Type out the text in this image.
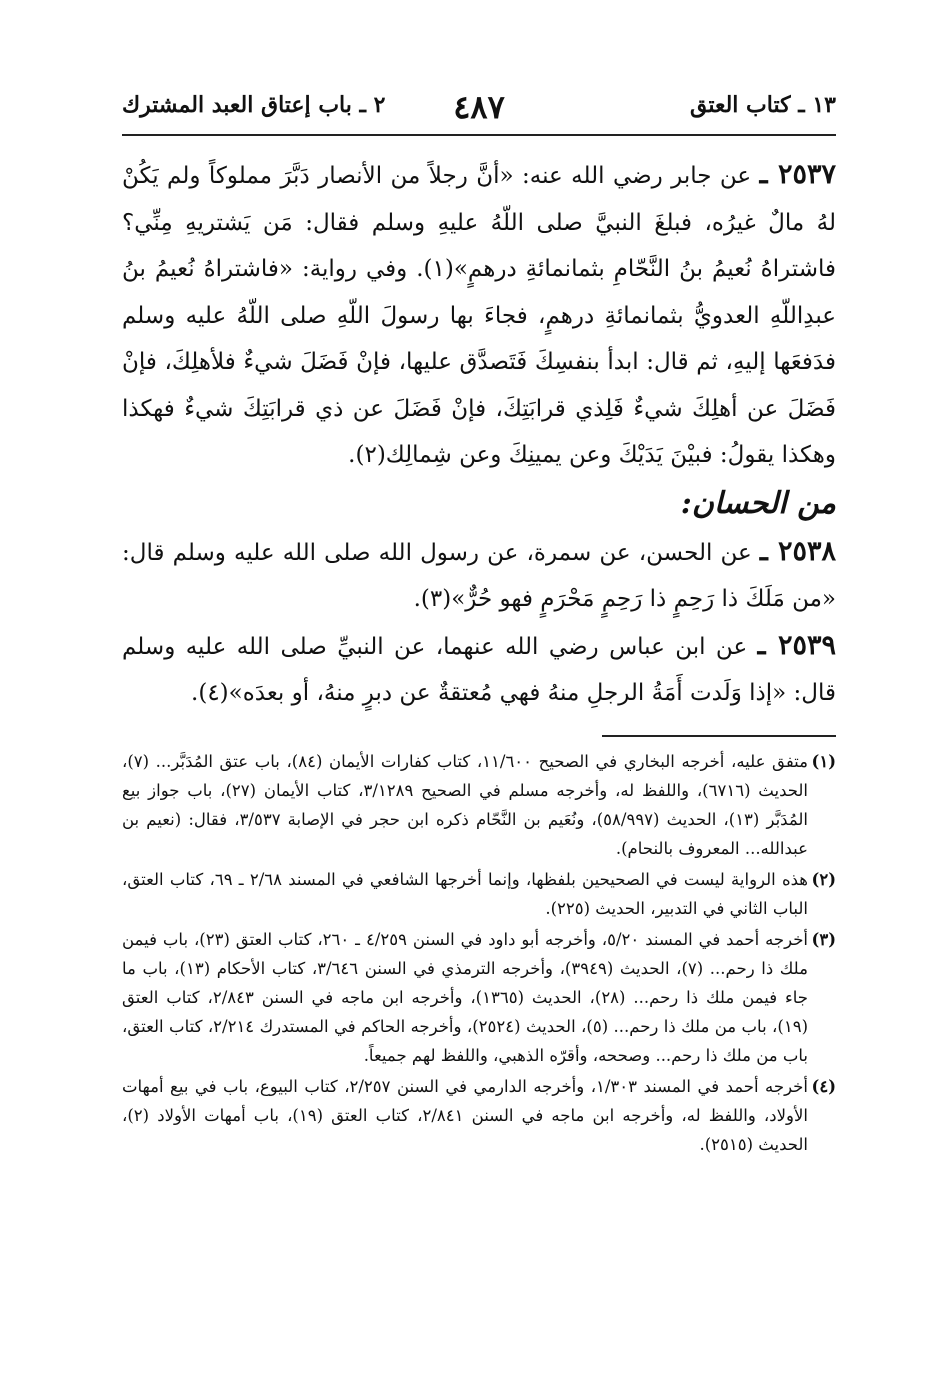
١٣ ـ كتاب العتق
٤٨٧
٢ ـ باب إعتاق العبد المشترك

٢٥٣٧ ـ عن جابر رضي الله عنه: «أنَّ رجلاً من الأنصار دَبَّرَ مملوكاً ولم يَكُنْ لهُ مالٌ غيرُه، فبلغَ النبيَّ صلى اللّهُ عليهِ وسلم فقال: مَن يَشتريهِ مِنِّي؟ فاشتراهُ نُعيمُ بنُ النَّحّامِ بثمانمائةِ درهمٍ»(١). وفي رواية: «فاشتراهُ نُعيمُ بنُ عبدِاللّهِ العدويُّ بثمانمائةِ درهمٍ، فجاءَ بها رسولَ اللّهِ صلى اللّهُ عليه وسلم فدَفعَها إليهِ، ثم قال: ابدأ بنفسِكَ فَتَصدَّق عليها، فإنْ فَضَلَ شيءٌ فلأهلِكَ، فإنْ فَضَلَ عن أهلِكَ شيءٌ فَلِذي قرابَتِكَ، فإنْ فَضَلَ عن ذي قرابَتِكَ شيءٌ فهكذا وهكذا يقولُ: فبيْنَ يَدَيْكَ وعن يمينِكَ وعن شِمالِك(٢).

من الحسان:

٢٥٣٨ ـ عن الحسن، عن سمرة، عن رسول الله صلى الله عليه وسلم قال: «من مَلَكَ ذا رَحِمٍ ذا رَحِمٍ مَحْرَمٍ فهو حُرٌّ»(٣).

٢٥٣٩ ـ عن ابن عباس رضي الله عنهما، عن النبيِّ صلى الله عليه وسلم قال: «إذا وَلَدت أَمَةُ الرجلِ منهُ فهي مُعتقةٌ عن دبرٍ منهُ، أو بعدَه»(٤).

(١)
متفق عليه، أخرجه البخاري في الصحيح ١١/٦٠٠، كتاب كفارات الأيمان (٨٤)، باب عتق المُدَبَّر... (٧)، الحديث (٦٧١٦)، واللفظ له، وأخرجه مسلم في الصحيح ٣/١٢٨٩، كتاب الأيمان (٢٧)، باب جواز بيع المُدَبَّر (١٣)، الحديث (٥٨/٩٩٧)، ونُعَيم بن النَّحّام ذكره ابن حجر في الإصابة ٣/٥٣٧، فقال: (نعيم بن عبدالله... المعروف بالنحام).
(٢)
هذه الرواية ليست في الصحيحين بلفظها، وإنما أخرجها الشافعي في المسند ٢/٦٨ ـ ٦٩، كتاب العتق، الباب الثاني في التدبير، الحديث (٢٢٥).
(٣)
أخرجه أحمد في المسند ٥/٢٠، وأخرجه أبو داود في السنن ٤/٢٥٩ ـ ٢٦٠، كتاب العتق (٢٣)، باب فيمن ملك ذا رحم... (٧)، الحديث (٣٩٤٩)، وأخرجه الترمذي في السنن ٣/٦٤٦، كتاب الأحكام (١٣)، باب ما جاء فيمن ملك ذا رحم... (٢٨)، الحديث (١٣٦٥)، وأخرجه ابن ماجه في السنن ٢/٨٤٣، كتاب العتق (١٩)، باب من ملك ذا رحم... (٥)، الحديث (٢٥٢٤)، وأخرجه الحاكم في المستدرك ٢/٢١٤، كتاب العتق، باب من ملك ذا رحم... وصححه، وأقرّه الذهبي، واللفظ لهم جميعاً.
(٤)
أخرجه أحمد في المسند ١/٣٠٣، وأخرجه الدارمي في السنن ٢/٢٥٧، كتاب البيوع، باب في بيع أمهات الأولاد، واللفظ له، وأخرجه ابن ماجه في السنن ٢/٨٤١، كتاب العتق (١٩)، باب أمهات الأولاد (٢)، الحديث (٢٥١٥).
